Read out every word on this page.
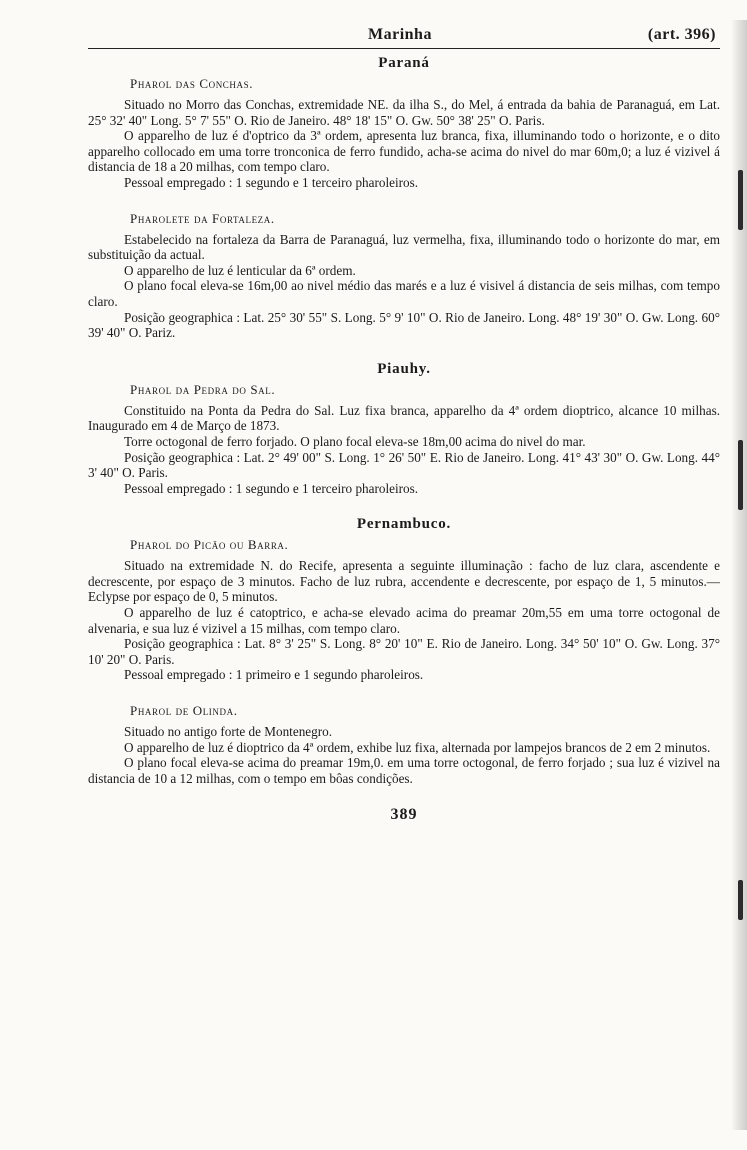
Marinha	(art. 396)
Paraná
Pharol das Conchas.

Situado no Morro das Conchas, extremidade NE. da ilha S., do Mel, á entrada da bahia de Paranaguá, em Lat. 25° 32' 40" Long. 5° 7' 55" O. Rio de Janeiro. 48° 18' 15" O. Gw. 50° 38' 25" O. Paris.

O apparelho de luz é d'optrico da 3ª ordem, apresenta luz branca, fixa, illuminando todo o horizonte, e o dito apparelho collocado em uma torre tronconica de ferro fundido, acha-se acima do nivel do mar 60m,0; a luz é vizivel á distancia de 18 a 20 milhas, com tempo claro.

Pessoal empregado : 1 segundo e 1 terceiro pharoleiros.

Pharolete da Fortaleza.

Estabelecido na fortaleza da Barra de Paranaguá, luz vermelha, fixa, illuminando todo o horizonte do mar, em substituição da actual.

O apparelho de luz é lenticular da 6ª ordem.

O plano focal eleva-se 16m,00 ao nivel médio das marés e a luz é visivel á distancia de seis milhas, com tempo claro.

Posição geographica : Lat. 25° 30' 55" S. Long. 5° 9' 10" O. Rio de Janeiro. Long. 48° 19' 30" O. Gw. Long. 60° 39' 40" O. Pariz.

Piauhy.
Pharol da Pedra do Sal.

Constituido na Ponta da Pedra do Sal. Luz fixa branca, apparelho da 4ª ordem dioptrico, alcance 10 milhas. Inaugurado em 4 de Março de 1873.

Torre octogonal de ferro forjado. O plano focal eleva-se 18m,00 acima do nivel do mar.

Posição geographica : Lat. 2° 49' 00" S. Long. 1° 26' 50" E. Rio de Janeiro. Long. 41° 43' 30" O. Gw. Long. 44° 3' 40" O. Paris.

Pessoal empregado : 1 segundo e 1 terceiro pharoleiros.

Pernambuco.
Pharol do Picão ou Barra.

Situado na extremidade N. do Recife, apresenta a seguinte illuminação : facho de luz clara, ascendente e decrescente, por espaço de 3 minutos. Facho de luz rubra, accendente e decrescente, por espaço de 1, 5 minutos.— Eclypse por espaço de 0, 5 minutos.

O apparelho de luz é catoptrico, e acha-se elevado acima do preamar 20m,55 em uma torre octogonal de alvenaria, e sua luz é vizivel a 15 milhas, com tempo claro.

Posição geographica : Lat. 8° 3' 25" S. Long. 8° 20' 10" E. Rio de Janeiro. Long. 34° 50' 10" O. Gw. Long. 37° 10' 20" O. Paris.

Pessoal empregado : 1 primeiro e 1 segundo pharoleiros.

Pharol de Olinda.

Situado no antigo forte de Montenegro.

O apparelho de luz é dioptrico da 4ª ordem, exhibe luz fixa, alternada por lampejos brancos de 2 em 2 minutos.

O plano focal eleva-se acima do preamar 19m,0. em uma torre octogonal, de ferro forjado ; sua luz é vizivel na distancia de 10 a 12 milhas, com o tempo em bôas condições.

389
